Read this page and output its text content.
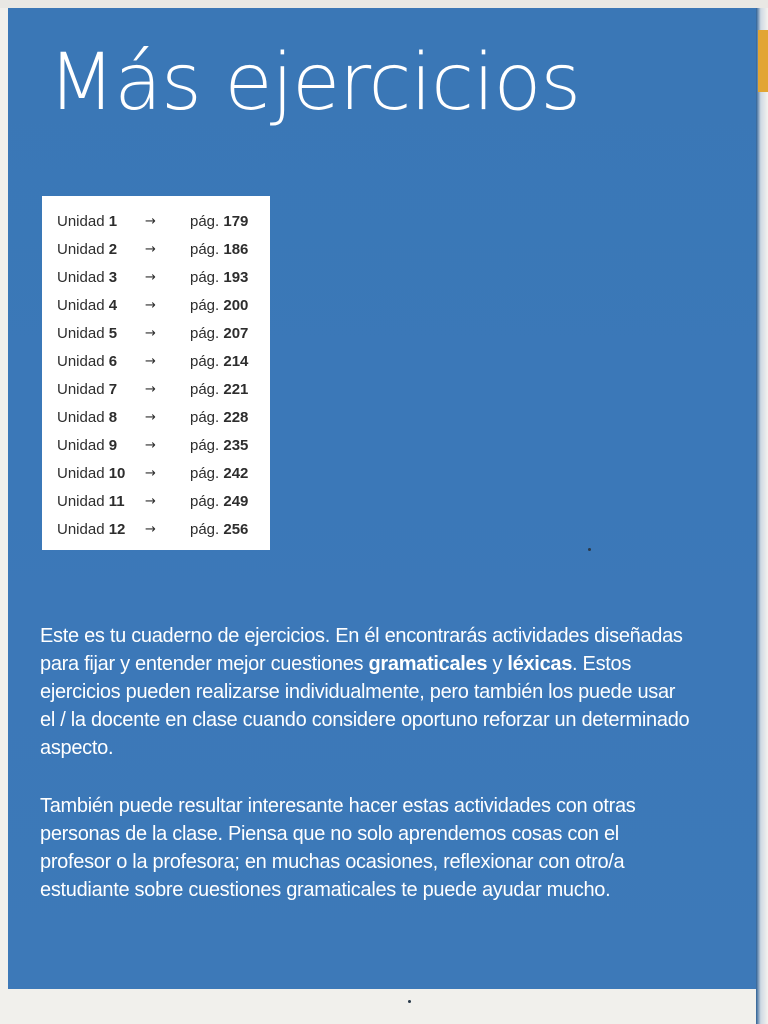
Más ejercicios
Unidad 1 → pág. 179
Unidad 2 → pág. 186
Unidad 3 → pág. 193
Unidad 4 → pág. 200
Unidad 5 → pág. 207
Unidad 6 → pág. 214
Unidad 7 → pág. 221
Unidad 8 → pág. 228
Unidad 9 → pág. 235
Unidad 10 → pág. 242
Unidad 11 → pág. 249
Unidad 12 → pág. 256

Este es tu cuaderno de ejercicios. En él encontrarás actividades diseñadas para fijar y entender mejor cuestiones gramaticales y léxicas. Estos ejercicios pueden realizarse individualmente, pero también los puede usar el / la docente en clase cuando considere oportuno reforzar un determinado aspecto.

También puede resultar interesante hacer estas actividades con otras personas de la clase. Piensa que no solo aprendemos cosas con el profesor o la profesora; en muchas ocasiones, reflexionar con otro/a estudiante sobre cuestiones gramaticales te puede ayudar mucho.
